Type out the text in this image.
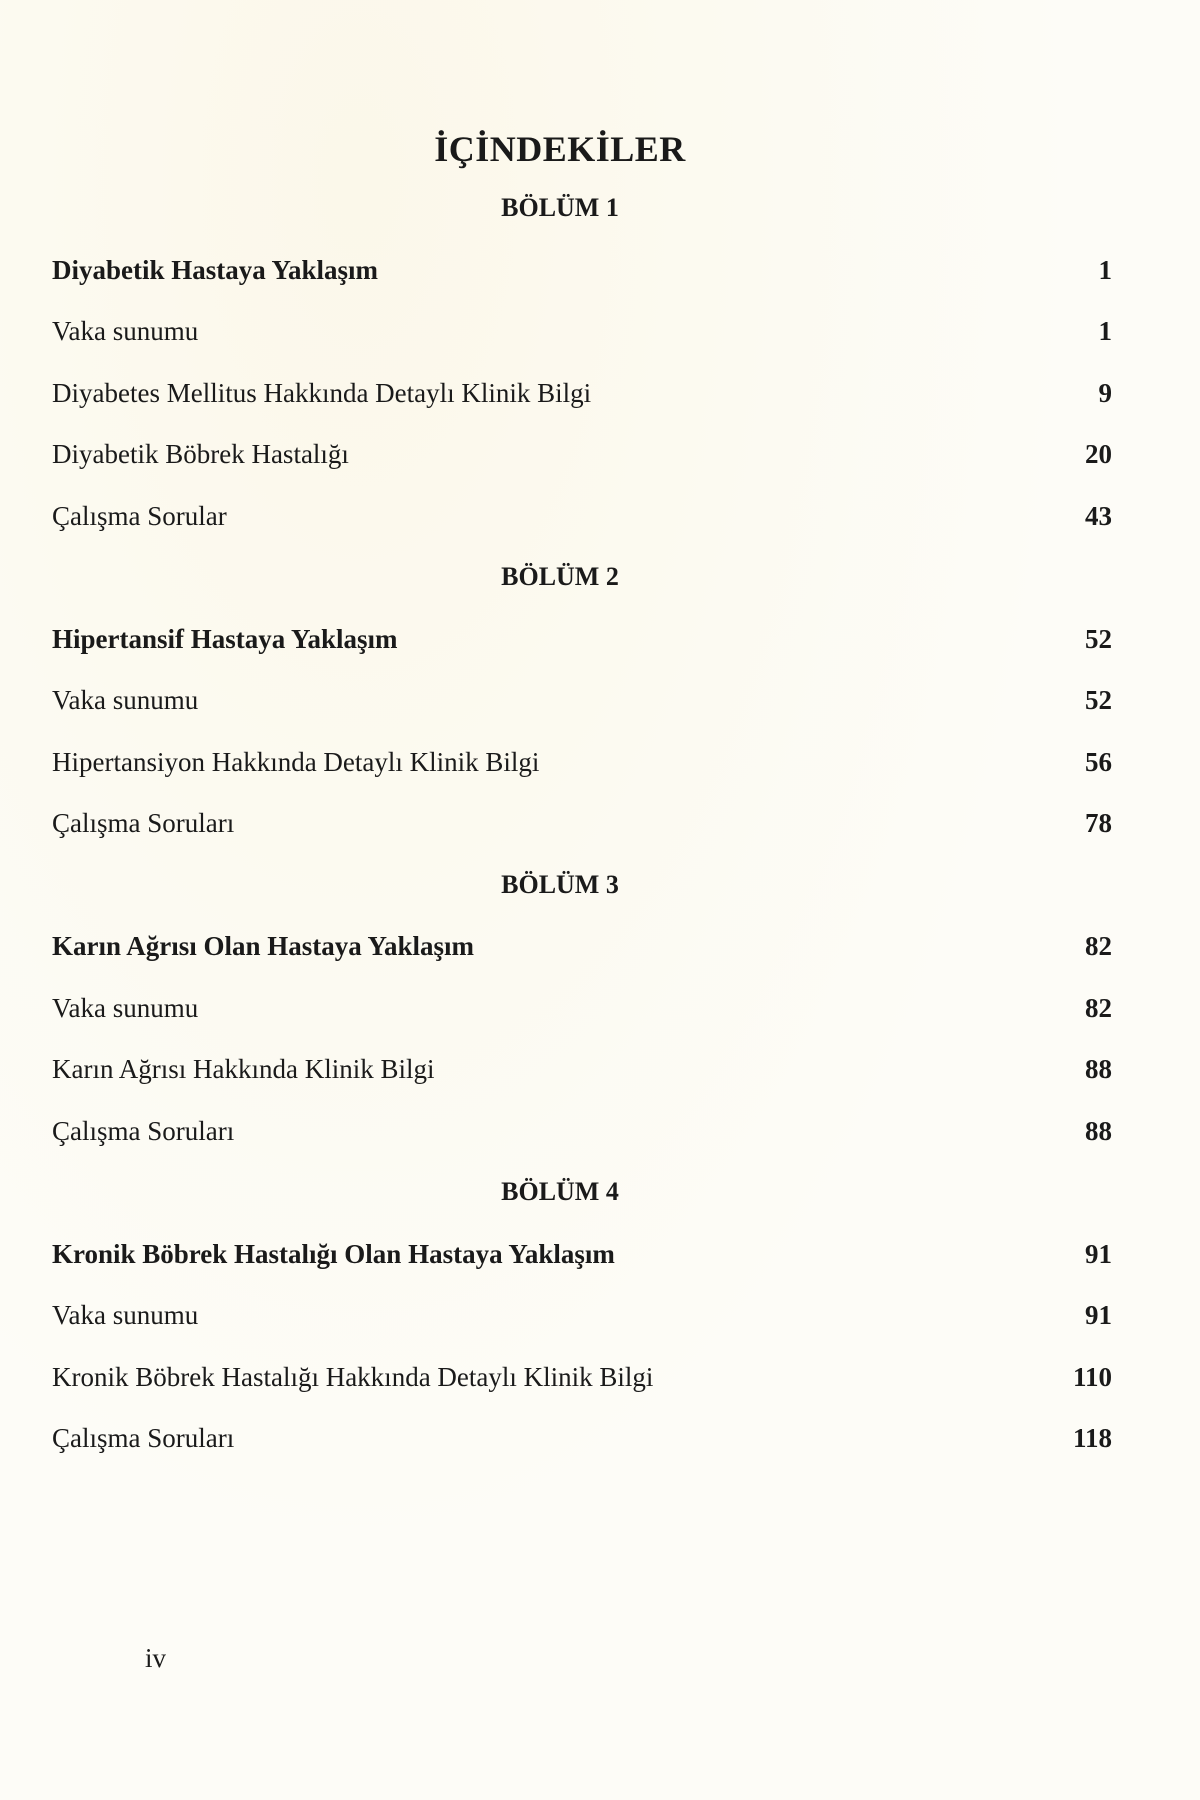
İÇİNDEKİLER
BÖLÜM 1
Diyabetik Hastaya Yaklaşım	1
Vaka sunumu	1
Diyabetes Mellitus Hakkında Detaylı Klinik Bilgi	9
Diyabetik Böbrek Hastalığı	20
Çalışma Sorular	43
BÖLÜM 2
Hipertansif Hastaya Yaklaşım	52
Vaka sunumu	52
Hipertansiyon Hakkında Detaylı Klinik Bilgi	56
Çalışma Soruları	78
BÖLÜM 3
Karın Ağrısı Olan Hastaya Yaklaşım	82
Vaka sunumu	82
Karın Ağrısı Hakkında Klinik Bilgi	88
Çalışma Soruları	88
BÖLÜM 4
Kronik Böbrek Hastalığı Olan Hastaya Yaklaşım	91
Vaka sunumu	91
Kronik Böbrek Hastalığı Hakkında Detaylı Klinik Bilgi	110
Çalışma Soruları	118
iv
